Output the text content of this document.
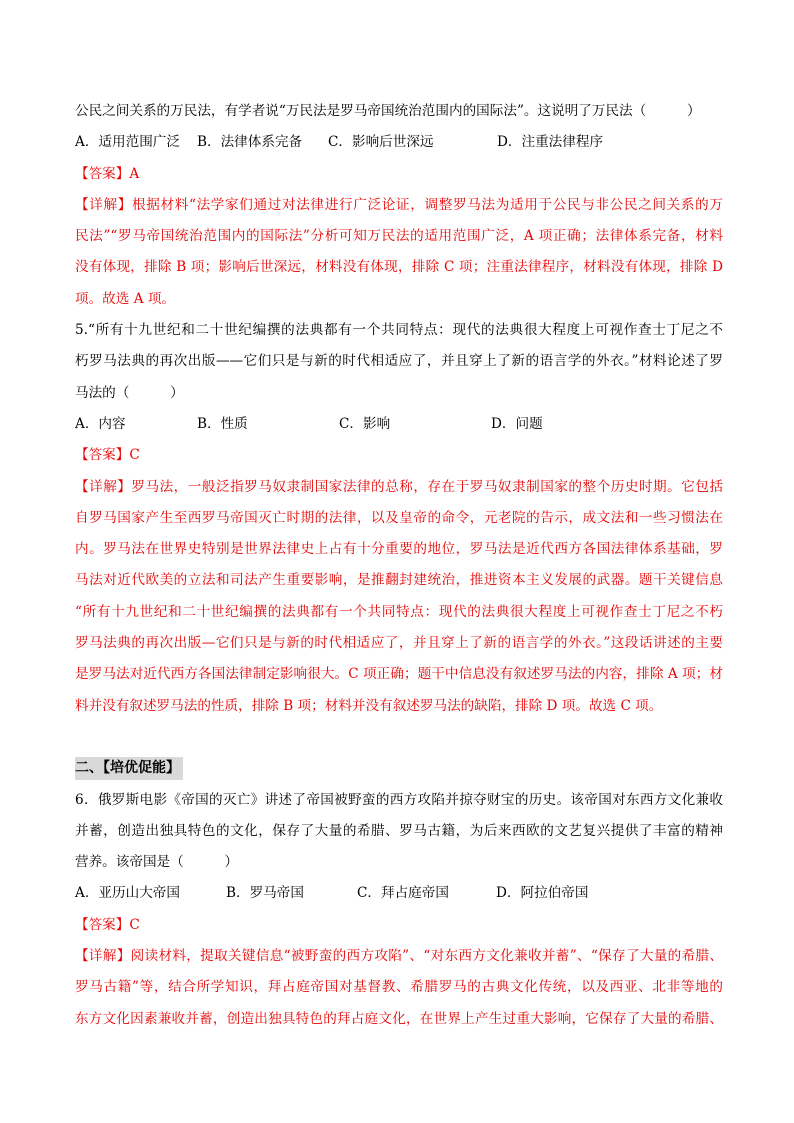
公民之间关系的万民法，有学者说“万民法是罗马帝国统治范围内的国际法”。这说明了万民法（　　　）
A．适用范围广泛 B．法律体系完备 C．影响后世深远	D．注重法律程序
【答案】A
【详解】根据材料“法学家们通过对法律进行广泛论证，调整罗马法为适用于公民与非公民之间关系的万
民法”“罗马帝国统治范围内的国际法”分析可知万民法的适用范围广泛，A 项正确；法律体系完备，材料
没有体现，排除 B 项；影响后世深远，材料没有体现，排除 C 项；注重法律程序，材料没有体现，排除 D
项。故选 A 项。
5.“所有十九世纪和二十世纪编撰的法典都有一个共同特点：现代的法典很大程度上可视作查士丁尼之不
朽罗马法典的再次出版——它们只是与新的时代相适应了，并且穿上了新的语言学的外衣。”材料论述了罗
马法的（　　　）
A．内容	B．性质	C．影响	D．问题
【答案】C
【详解】罗马法，一般泛指罗马奴隶制国家法律的总称，存在于罗马奴隶制国家的整个历史时期。它包括
自罗马国家产生至西罗马帝国灭亡时期的法律，以及皇帝的命令，元老院的告示，成文法和一些习惯法在
内。罗马法在世界史特别是世界法律史上占有十分重要的地位，罗马法是近代西方各国法律体系基础，罗
马法对近代欧美的立法和司法产生重要影响，是推翻封建统治，推进资本主义发展的武器。题干关键信息
“所有十九世纪和二十世纪编撰的法典都有一个共同特点：现代的法典很大程度上可视作查士丁尼之不朽
罗马法典的再次出版—它们只是与新的时代相适应了，并且穿上了新的语言学的外衣。”这段话讲述的主要
是罗马法对近代西方各国法律制定影响很大。C 项正确；题干中信息没有叙述罗马法的内容，排除 A 项；材
料并没有叙述罗马法的性质，排除 B 项；材料并没有叙述罗马法的缺陷，排除 D 项。故选 C 项。
二、【培优促能】
6．俄罗斯电影《帝国的灭亡》讲述了帝国被野蛮的西方攻陷并掠夺财宝的历史。该帝国对东西方文化兼收
并蓄，创造出独具特色的文化，保存了大量的希腊、罗马古籍，为后来西欧的文艺复兴提供了丰富的精神
营养。该帝国是（　　　）
A．亚历山大帝国	B．罗马帝国	C．拜占庭帝国	D．阿拉伯帝国
【答案】C
【详解】阅读材料，提取关键信息“被野蛮的西方攻陷”、“对东西方文化兼收并蓄”、“保存了大量的希腊、
罗马古籍”等，结合所学知识，拜占庭帝国对基督教、希腊罗马的古典文化传统，以及西亚、北非等地的
东方文化因素兼收并蓄，创造出独具特色的拜占庭文化，在世界上产生过重大影响，它保存了大量的希腊、
